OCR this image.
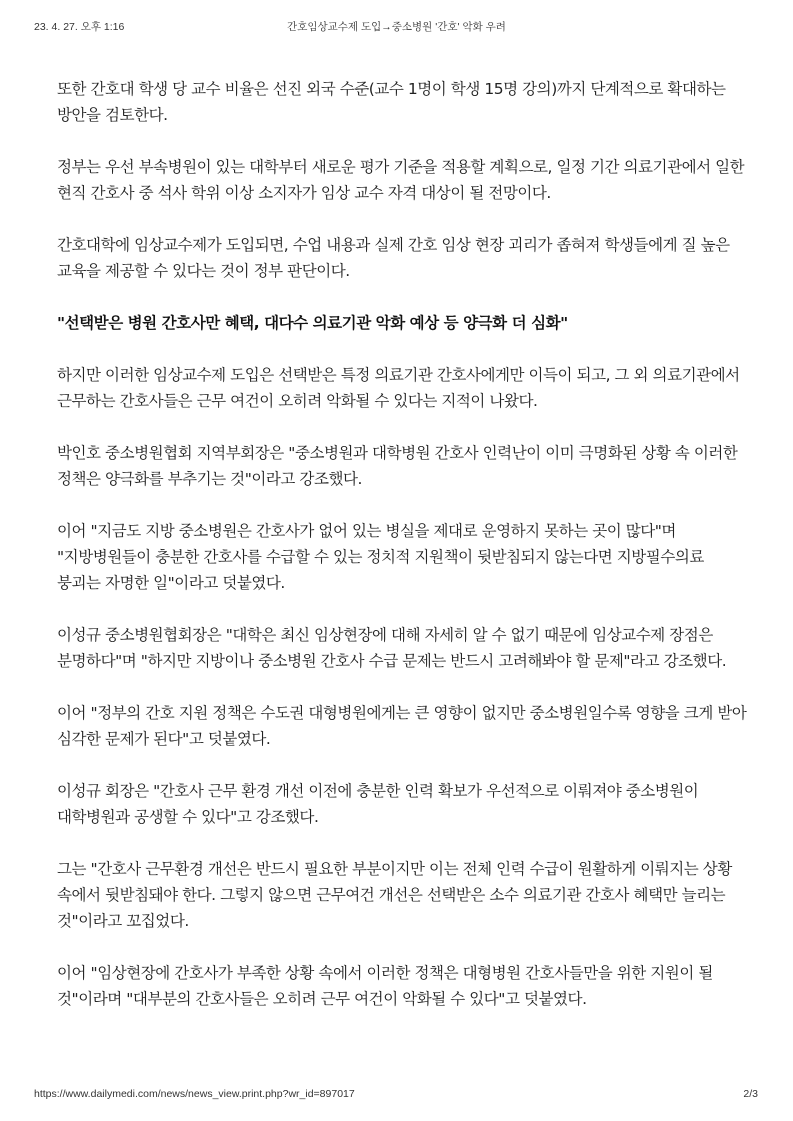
23. 4. 27. 오후 1:16	간호임상교수제 도입→중소병원 '간호' 악화 우려

또한 간호대 학생 당 교수 비율은 선진 외국 수준(교수 1명이 학생 15명 강의)까지 단계적으로 확대하는 방안을 검토한다.

정부는 우선 부속병원이 있는 대학부터 새로운 평가 기준을 적용할 계획으로, 일정 기간 의료기관에서 일한 현직 간호사 중 석사 학위 이상 소지자가 임상 교수 자격 대상이 될 전망이다.

간호대학에 임상교수제가 도입되면, 수업 내용과 실제 간호 임상 현장 괴리가 좁혀져 학생들에게 질 높은 교육을 제공할 수 있다는 것이 정부 판단이다.

"선택받은 병원 간호사만 혜택, 대다수 의료기관 악화 예상 등 양극화 더 심화"

하지만 이러한 임상교수제 도입은 선택받은 특정 의료기관 간호사에게만 이득이 되고, 그 외 의료기관에서 근무하는 간호사들은 근무 여건이 오히려 악화될 수 있다는 지적이 나왔다.

박인호 중소병원협회 지역부회장은 "중소병원과 대학병원 간호사 인력난이 이미 극명화된 상황 속 이러한 정책은 양극화를 부추기는 것"이라고 강조했다.

이어 "지금도 지방 중소병원은 간호사가 없어 있는 병실을 제대로 운영하지 못하는 곳이 많다"며 "지방병원들이 충분한 간호사를 수급할 수 있는 정치적 지원책이 뒷받침되지 않는다면 지방필수의료 붕괴는 자명한 일"이라고 덧붙였다.

이성규 중소병원협회장은 "대학은 최신 임상현장에 대해 자세히 알 수 없기 때문에 임상교수제 장점은 분명하다"며 "하지만 지방이나 중소병원 간호사 수급 문제는 반드시 고려해봐야 할 문제"라고 강조했다.

이어 "정부의 간호 지원 정책은 수도권 대형병원에게는 큰 영향이 없지만 중소병원일수록 영향을 크게 받아 심각한 문제가 된다"고 덧붙였다.

이성규 회장은 "간호사 근무 환경 개선 이전에 충분한 인력 확보가 우선적으로 이뤄져야 중소병원이 대학병원과 공생할 수 있다"고 강조했다.

그는 "간호사 근무환경 개선은 반드시 필요한 부분이지만 이는 전체 인력 수급이 원활하게 이뤄지는 상황 속에서 뒷받침돼야 한다. 그렇지 않으면 근무여건 개선은 선택받은 소수 의료기관 간호사 혜택만 늘리는 것"이라고 꼬집었다.

이어 "임상현장에 간호사가 부족한 상황 속에서 이러한 정책은 대형병원 간호사들만을 위한 지원이 될 것"이라며 "대부분의 간호사들은 오히려 근무 여건이 악화될 수 있다"고 덧붙였다.

https://www.dailymedi.com/news/news_view.print.php?wr_id=897017	2/3
